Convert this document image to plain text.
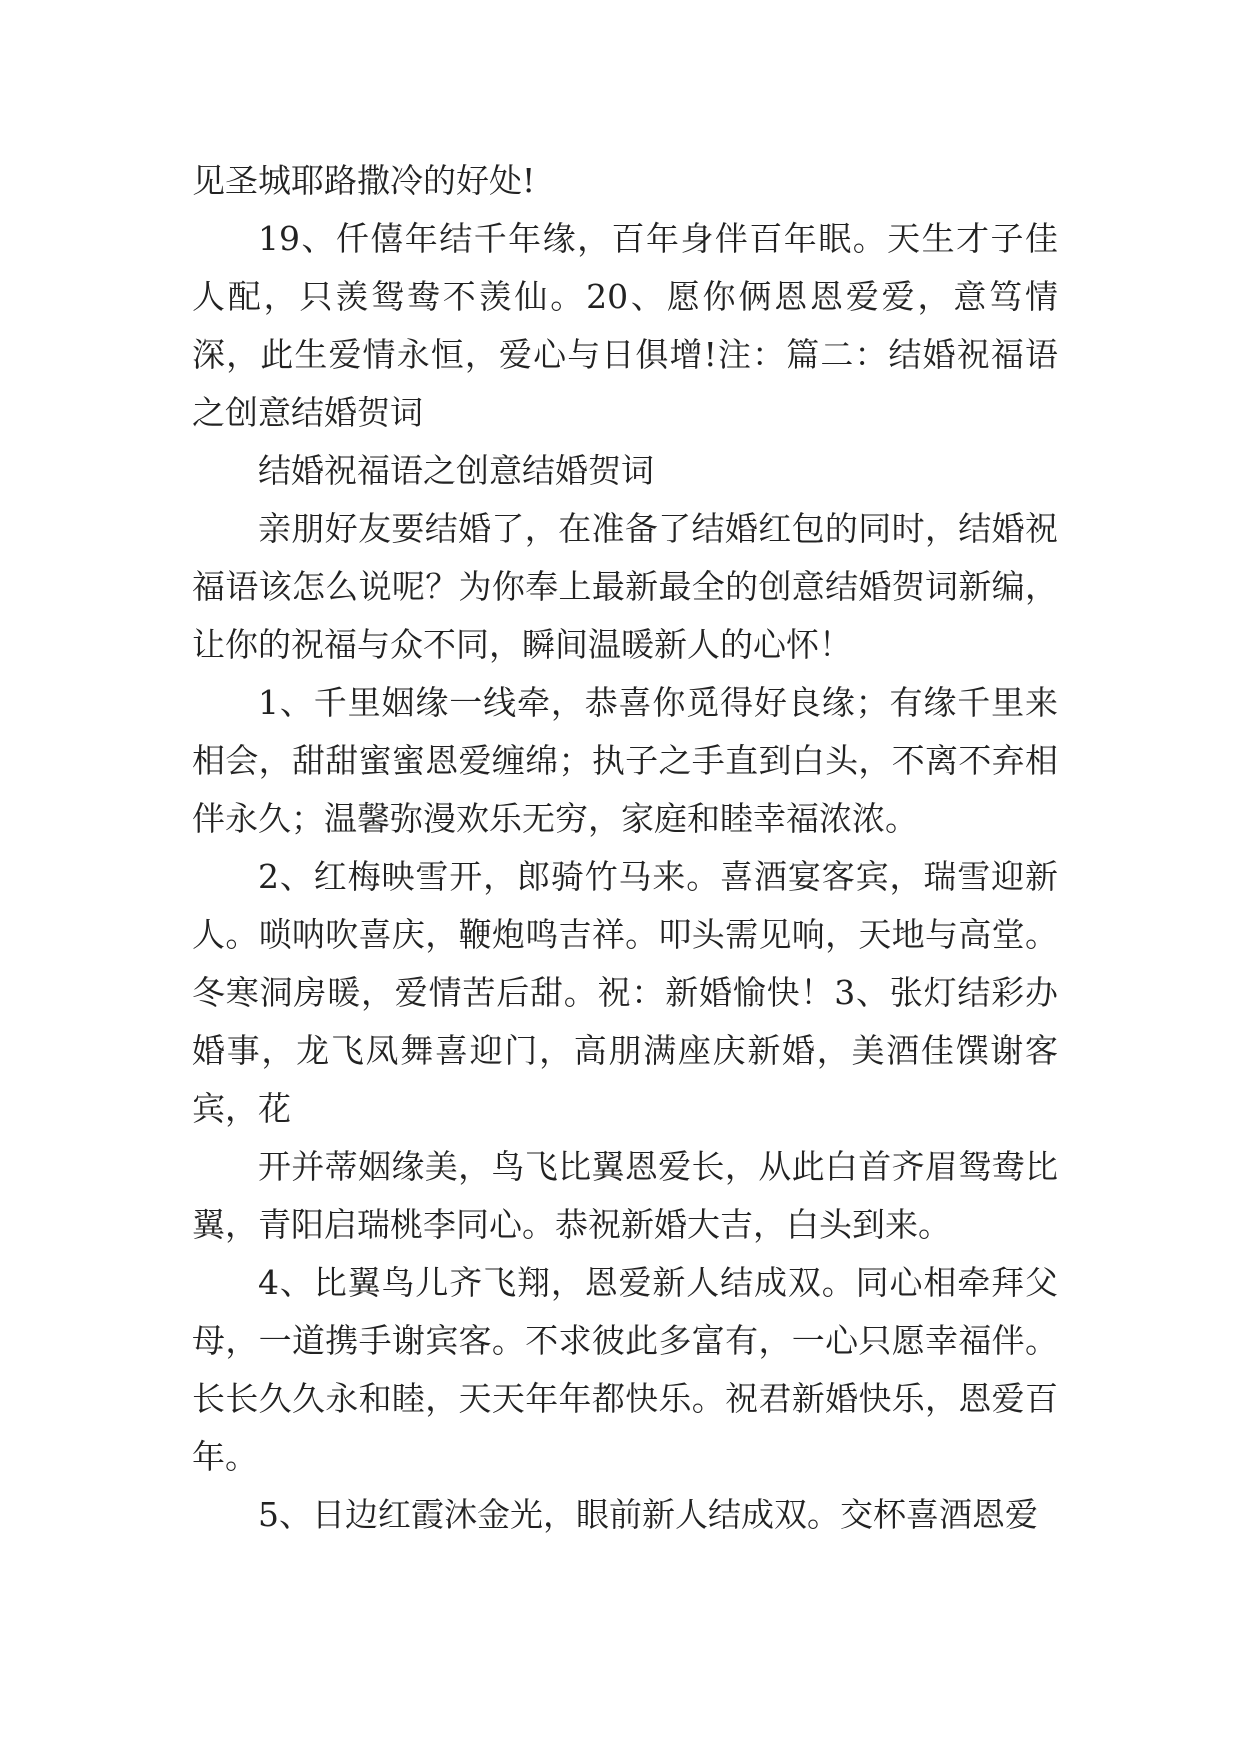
见圣城耶路撒冷的好处!

19、仟僖年结千年缘，百年身伴百年眠。天生才子佳人配，只羡鸳鸯不羡仙。20、愿你俩恩恩爱爱，意笃情深，此生爱情永恒，爱心与日俱增!注：篇二：结婚祝福语之创意结婚贺词

结婚祝福语之创意结婚贺词

亲朋好友要结婚了，在准备了结婚红包的同时，结婚祝福语该怎么说呢？为你奉上最新最全的创意结婚贺词新编，让你的祝福与众不同，瞬间温暖新人的心怀！

1、千里姻缘一线牵，恭喜你觅得好良缘；有缘千里来相会，甜甜蜜蜜恩爱缠绵；执子之手直到白头，不离不弃相伴永久；温馨弥漫欢乐无穷，家庭和睦幸福浓浓。

2、红梅映雪开，郎骑竹马来。喜酒宴客宾，瑞雪迎新人。唢呐吹喜庆，鞭炮鸣吉祥。叩头需见响，天地与高堂。冬寒洞房暖，爱情苦后甜。祝：新婚愉快！3、张灯结彩办婚事，龙飞凤舞喜迎门，高朋满座庆新婚，美酒佳馔谢客宾，花

开并蒂姻缘美，鸟飞比翼恩爱长，从此白首齐眉鸳鸯比翼，青阳启瑞桃李同心。恭祝新婚大吉，白头到来。

4、比翼鸟儿齐飞翔，恩爱新人结成双。同心相牵拜父母，一道携手谢宾客。不求彼此多富有，一心只愿幸福伴。长长久久永和睦，天天年年都快乐。祝君新婚快乐，恩爱百年。

5、日边红霞沐金光，眼前新人结成双。交杯喜酒恩爱
